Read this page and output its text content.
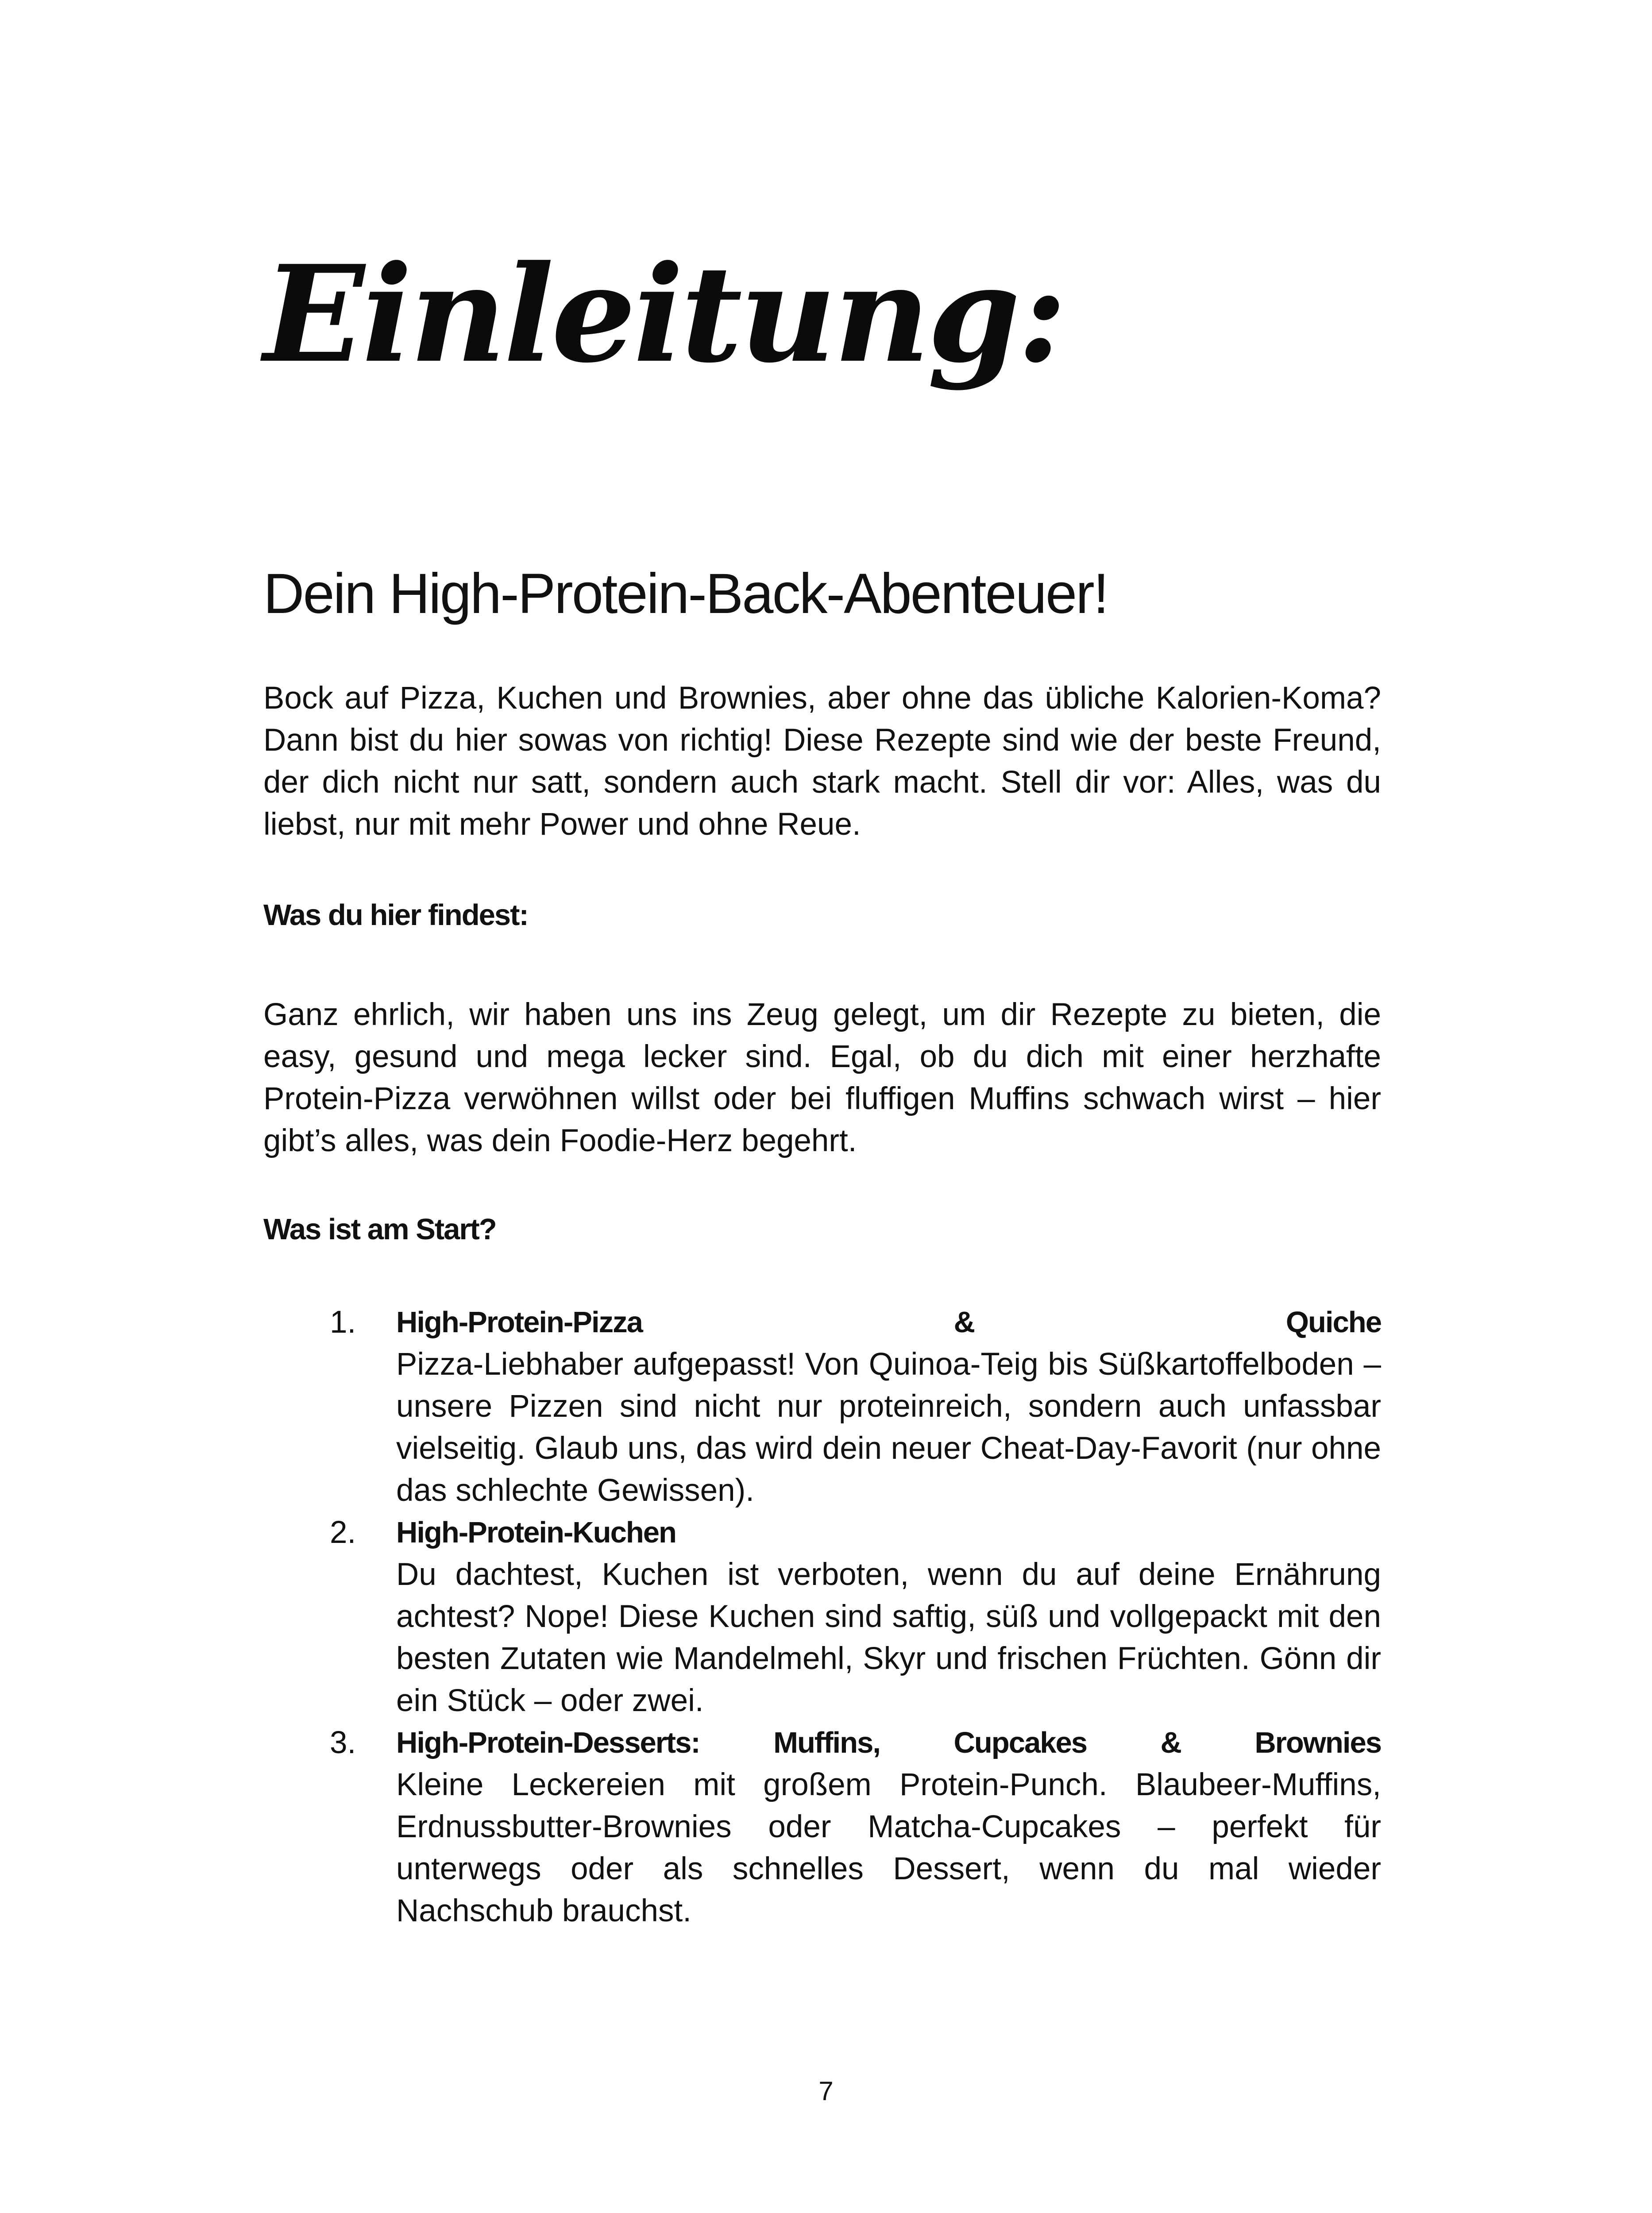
Einleitung:
Dein High-Protein-Back-Abenteuer!

Bock auf Pizza, Kuchen und Brownies, aber ohne das übliche Kalorien-Koma? Dann bist du hier sowas von richtig! Diese Rezepte sind wie der beste Freund, der dich nicht nur satt, sondern auch stark macht. Stell dir vor: Alles, was du liebst, nur mit mehr Power und ohne Reue.

Was du hier findest:

Ganz ehrlich, wir haben uns ins Zeug gelegt, um dir Rezepte zu bieten, die easy, gesund und mega lecker sind. Egal, ob du dich mit einer herzhafte Protein-Pizza verwöhnen willst oder bei fluffigen Muffins schwach wirst – hier gibt’s alles, was dein Foodie-Herz begehrt.

Was ist am Start?
1. High-Protein-Pizza & Quiche
Pizza-Liebhaber aufgepasst! Von Quinoa-Teig bis Süßkartoffelboden – unsere Pizzen sind nicht nur proteinreich, sondern auch unfassbar vielseitig. Glaub uns, das wird dein neuer Cheat-Day-Favorit (nur ohne das schlechte Gewissen).
2. High-Protein-Kuchen
Du dachtest, Kuchen ist verboten, wenn du auf deine Ernährung achtest? Nope! Diese Kuchen sind saftig, süß und vollgepackt mit den besten Zutaten wie Mandelmehl, Skyr und frischen Früchten. Gönn dir ein Stück – oder zwei.
3. High-Protein-Desserts: Muffins, Cupcakes & Brownies
Kleine Leckereien mit großem Protein-Punch. Blaubeer-Muffins, Erdnussbutter-Brownies oder Matcha-Cupcakes – perfekt für unterwegs oder als schnelles Dessert, wenn du mal wieder Nachschub brauchst.
7
